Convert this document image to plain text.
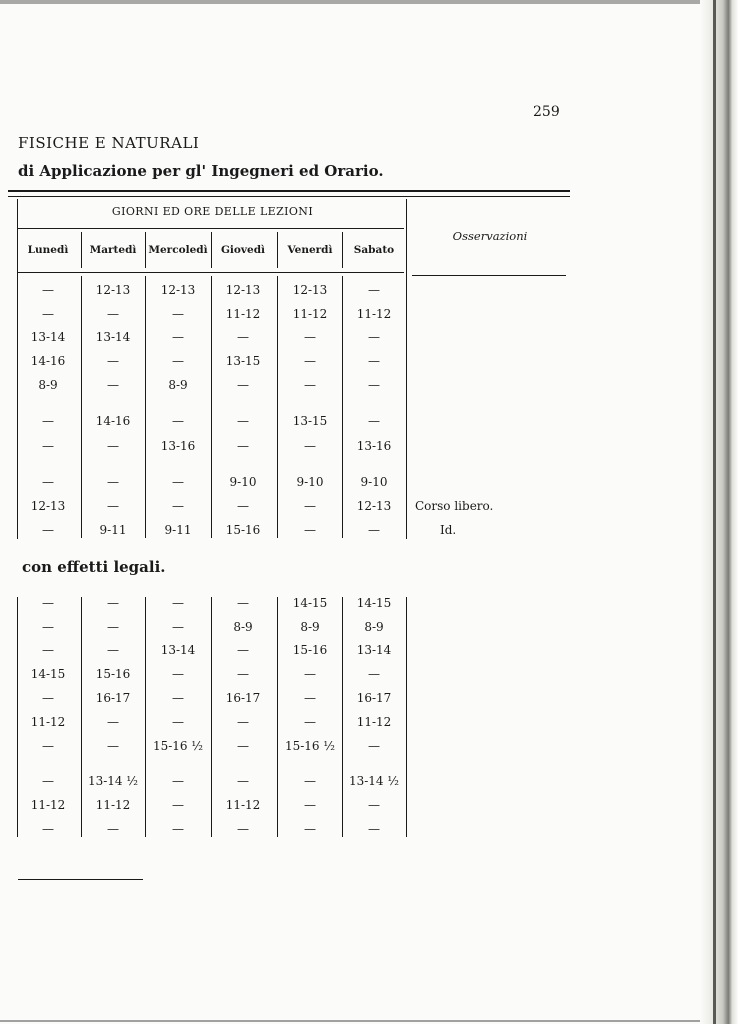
259
FISICHE E NATURALI
di Applicazione per gl' Ingegneri ed Orario.
GIORNI ED ORE DELLE LEZIONI
Osservazioni
Lunedì	Martedì	Mercoledì	Giovedì	Venerdì	Sabato
—	12-13	12-13	12-13	12-13	—
—	—	—	11-12	11-12	11-12
13-14	13-14	—	—	—	—
14-16	—	—	13-15	—	—
8-9	—	8-9	—	—	—
—	14-16	—	—	13-15	—
—	—	13-16	—	—	13-16
—	—	—	9-10	9-10	9-10
12-13	—	—	—	—	12-13	Corso libero.
—	9-11	9-11	15-16	—	—	Id.
con effetti legali.
—	—	—	—	14-15	14-15
—	—	—	8-9	8-9	8-9
—	—	13-14	—	15-16	13-14
14-15	15-16	—	—	—	—
—	16-17	—	16-17	—	16-17
11-12	—	—	—	—	11-12
—	—	15-16 ½	—	15-16 ½	—
—	13-14 ½	—	—	—	13-14 ½
11-12	11-12	—	11-12	—	—
—	—	—	—	—	—
